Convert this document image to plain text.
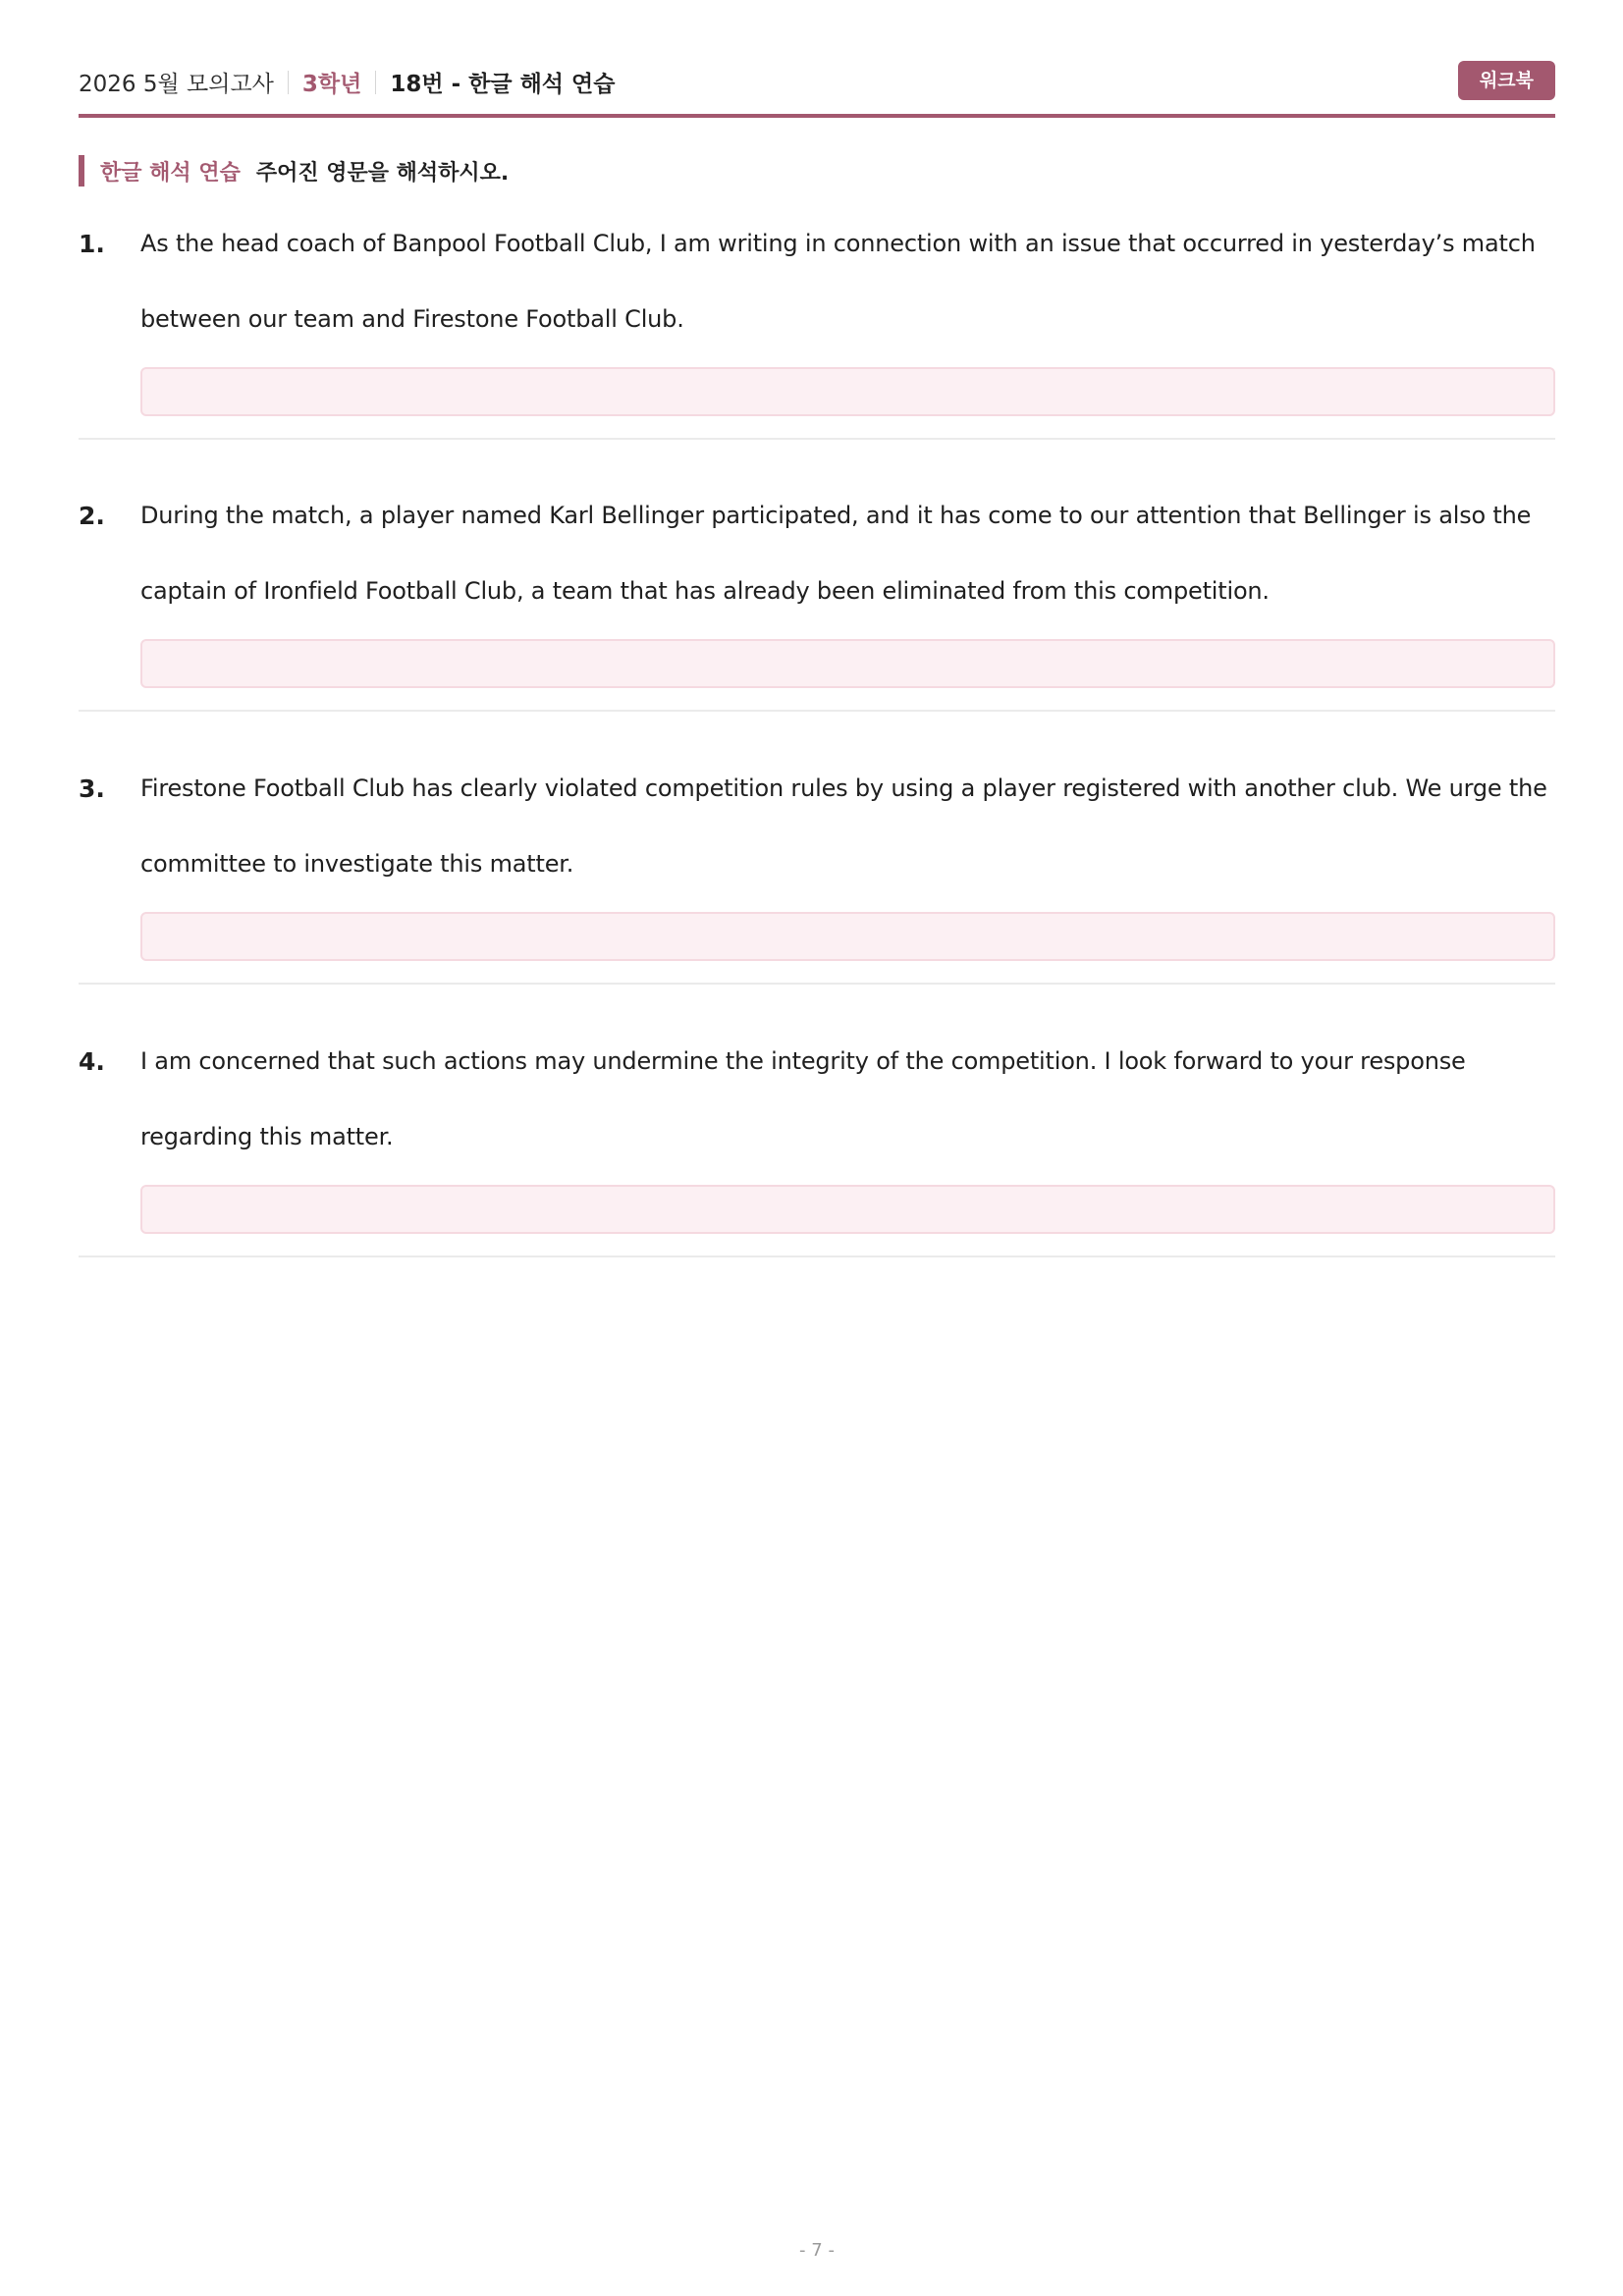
2026 5월 모의고사 3학년 18번 - 한글 해석 연습	워크북
한글 해석 연습 주어진 영문을 해석하시오.
1. As the head coach of Banpool Football Club, I am writing in connection with an issue that occurred in yesterday’s match between our team and Firestone Football Club.
2. During the match, a player named Karl Bellinger participated, and it has come to our attention that Bellinger is also the captain of Ironfield Football Club, a team that has already been eliminated from this competition.
3. Firestone Football Club has clearly violated competition rules by using a player registered with another club. We urge the committee to investigate this matter.
4. I am concerned that such actions may undermine the integrity of the competition. I look forward to your response regarding this matter.
- 7 -
